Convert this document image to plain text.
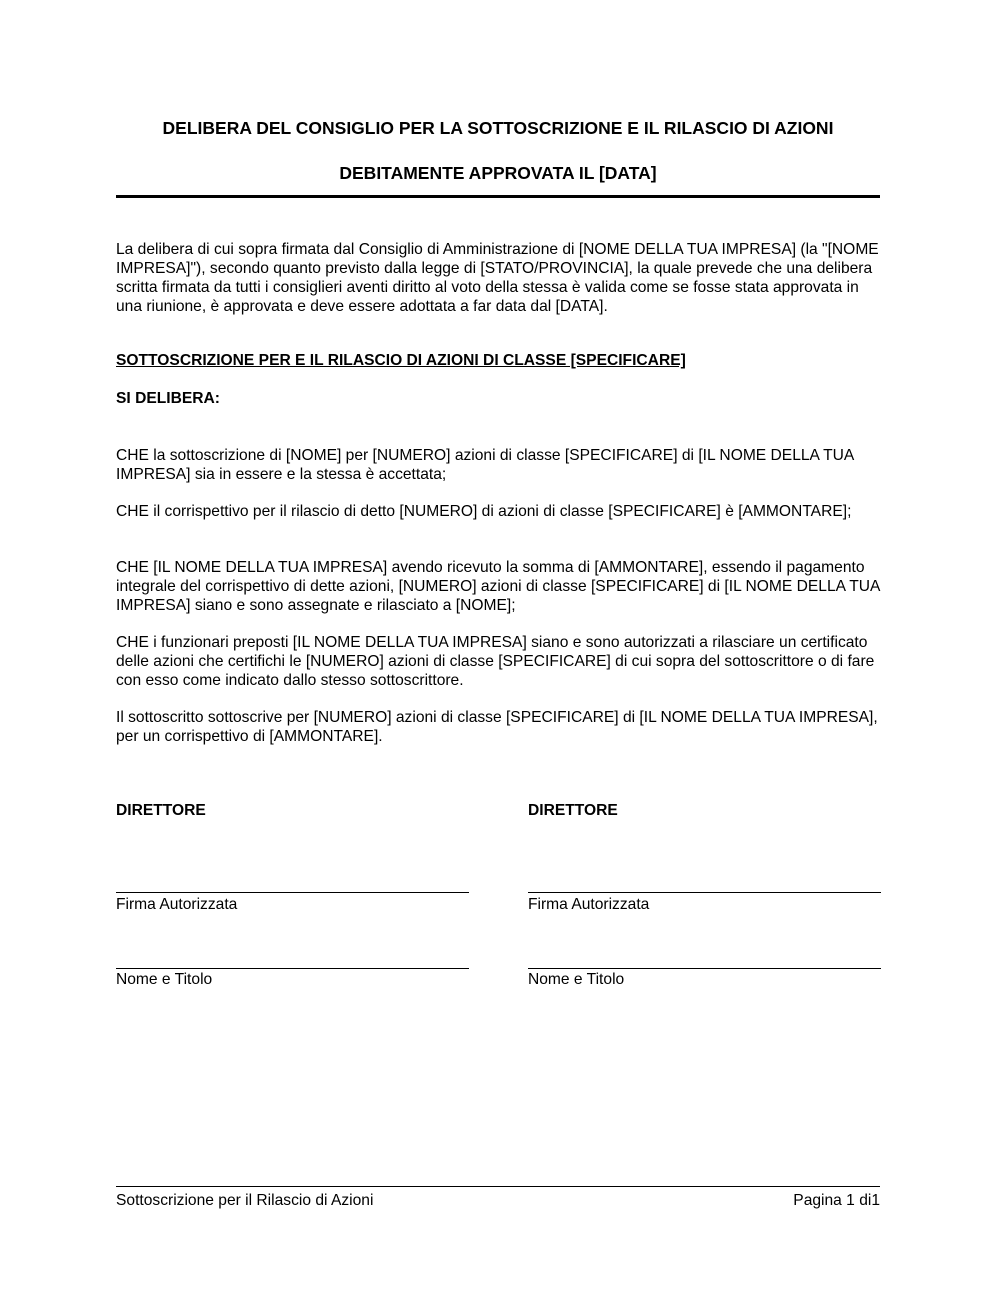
DELIBERA DEL CONSIGLIO PER LA SOTTOSCRIZIONE E IL RILASCIO DI AZIONI
DEBITAMENTE APPROVATA IL [DATA]
La delibera di cui sopra firmata dal Consiglio di Amministrazione di [NOME DELLA TUA IMPRESA] (la "[NOME IMPRESA]"), secondo quanto previsto dalla legge di [STATO/PROVINCIA], la quale prevede che una delibera scritta firmata da tutti i consiglieri aventi diritto al voto della stessa è valida come se fosse stata approvata in una riunione, è approvata e deve essere adottata a far data dal [DATA].
SOTTOSCRIZIONE PER E IL RILASCIO DI AZIONI DI CLASSE [SPECIFICARE]
SI DELIBERA:
CHE la sottoscrizione di [NOME] per [NUMERO] azioni di classe [SPECIFICARE] di [IL NOME DELLA TUA IMPRESA] sia in essere e la stessa è accettata;
CHE il corrispettivo per il rilascio di detto [NUMERO] di azioni di classe [SPECIFICARE] è [AMMONTARE];
CHE [IL NOME DELLA TUA IMPRESA] avendo ricevuto la somma di [AMMONTARE], essendo il pagamento integrale del corrispettivo di dette azioni, [NUMERO] azioni di classe [SPECIFICARE] di [IL NOME DELLA TUA IMPRESA] siano e sono assegnate e rilasciato a [NOME];
CHE i funzionari preposti [IL NOME DELLA TUA IMPRESA] siano e sono autorizzati a rilasciare un certificato delle azioni che certifichi le [NUMERO] azioni di classe [SPECIFICARE] di cui sopra del sottoscrittore o di fare con esso come indicato dallo stesso sottoscrittore.
Il sottoscritto sottoscrive per [NUMERO] azioni di classe [SPECIFICARE] di [IL NOME DELLA TUA IMPRESA], per un corrispettivo di [AMMONTARE].
DIRETTORE
Firma Autorizzata
Nome e Titolo
DIRETTORE
Firma Autorizzata
Nome e Titolo
Sottoscrizione per il Rilascio di Azioni	Pagina 1 di1
